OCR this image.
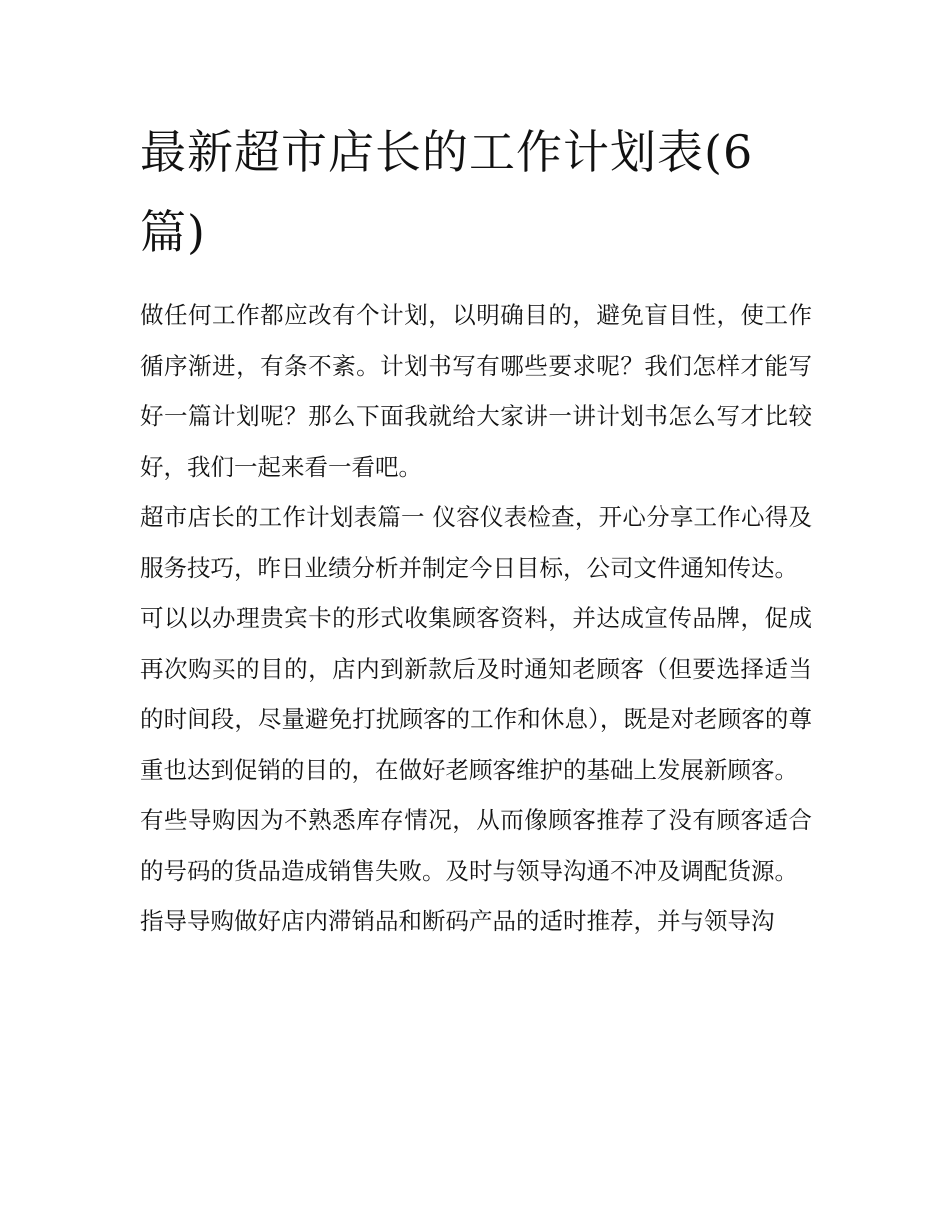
最新超市店长的工作计划表(6篇)

做任何工作都应改有个计划，以明确目的，避免盲目性，使工作循序渐进，有条不紊。计划书写有哪些要求呢？我们怎样才能写好一篇计划呢？那么下面我就给大家讲一讲计划书怎么写才比较好，我们一起来看一看吧。

超市店长的工作计划表篇一 仪容仪表检查，开心分享工作心得及服务技巧，昨日业绩分析并制定今日目标，公司文件通知传达。

可以以办理贵宾卡的形式收集顾客资料，并达成宣传品牌，促成再次购买的目的，店内到新款后及时通知老顾客（但要选择适当的时间段，尽量避免打扰顾客的工作和休息），既是对老顾客的尊重也达到促销的目的，在做好老顾客维护的基础上发展新顾客。

有些导购因为不熟悉库存情况，从而像顾客推荐了没有顾客适合的号码的货品造成销售失败。及时与领导沟通不冲及调配货源。

指导导购做好店内滞销品和断码产品的适时推荐，并与领导沟
